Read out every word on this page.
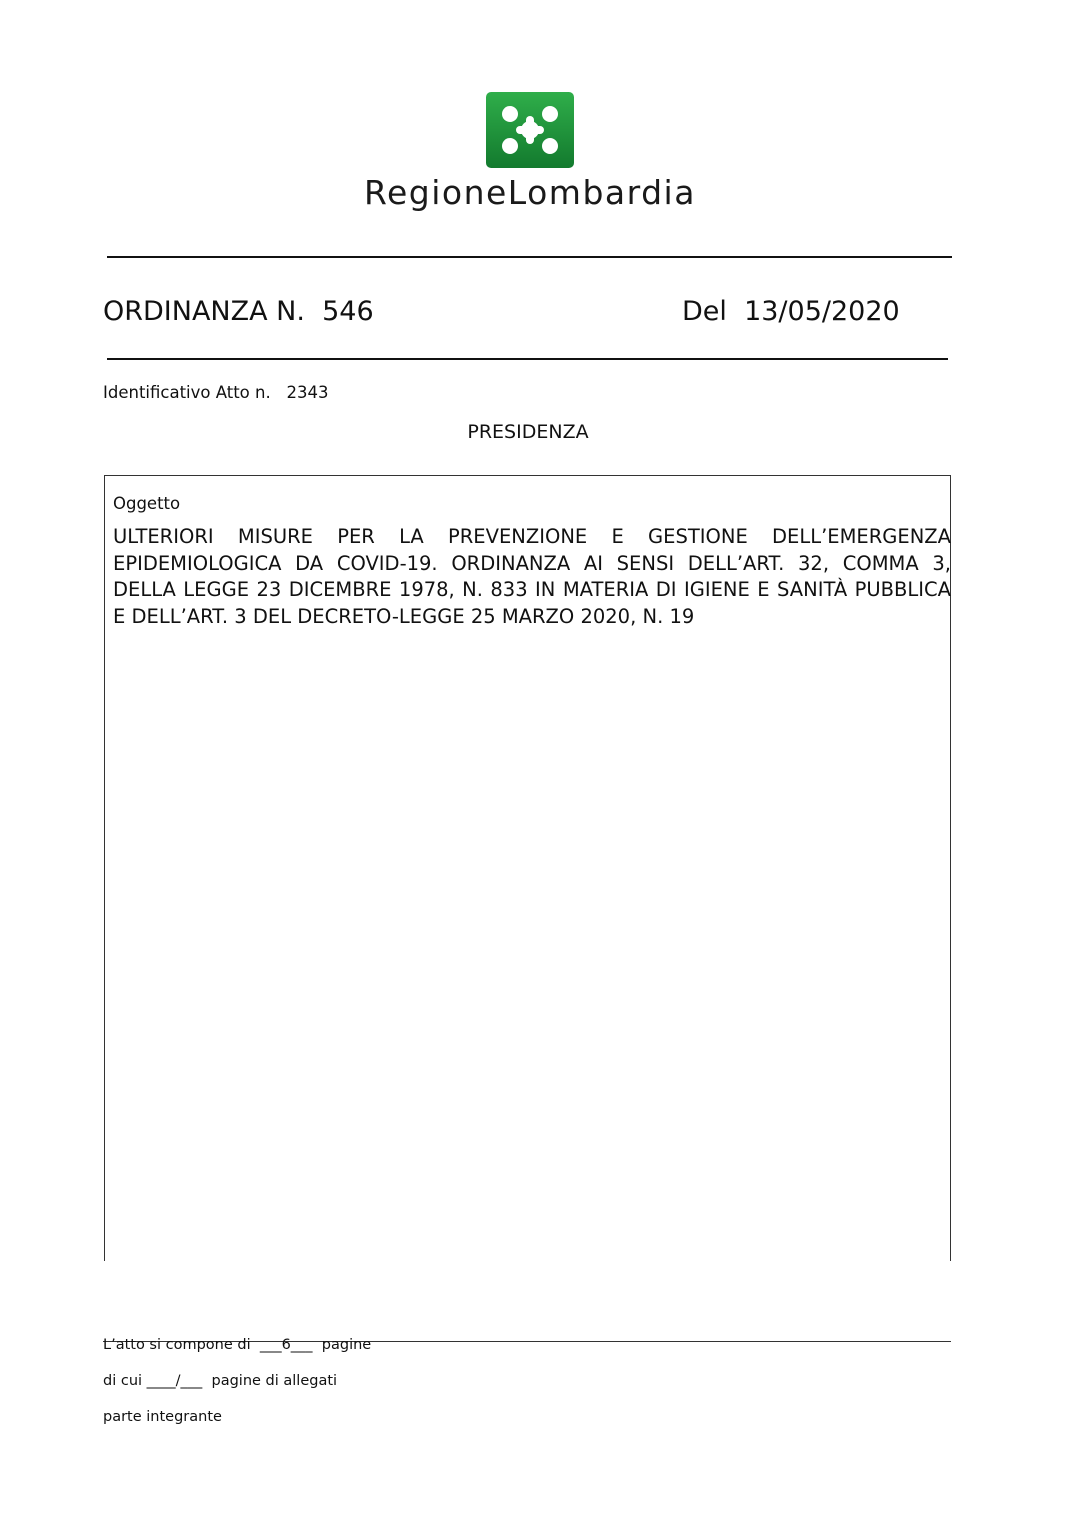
RegioneLombardia
ORDINANZA N.  546	Del  13/05/2020
Identificativo Atto n.   2343
PRESIDENZA
Oggetto
ULTERIORI MISURE PER LA PREVENZIONE E GESTIONE DELL’EMERGENZA EPIDEMIOLOGICA DA COVID-19. ORDINANZA AI SENSI DELL’ART. 32, COMMA 3, DELLA LEGGE 23 DICEMBRE 1978, N. 833 IN MATERIA DI IGIENE E SANITÀ PUBBLICA E DELL’ART. 3 DEL DECRETO-LEGGE 25 MARZO 2020, N. 19
L’atto si compone di  ___6___  pagine
di cui ____/___  pagine di allegati
parte integrante
